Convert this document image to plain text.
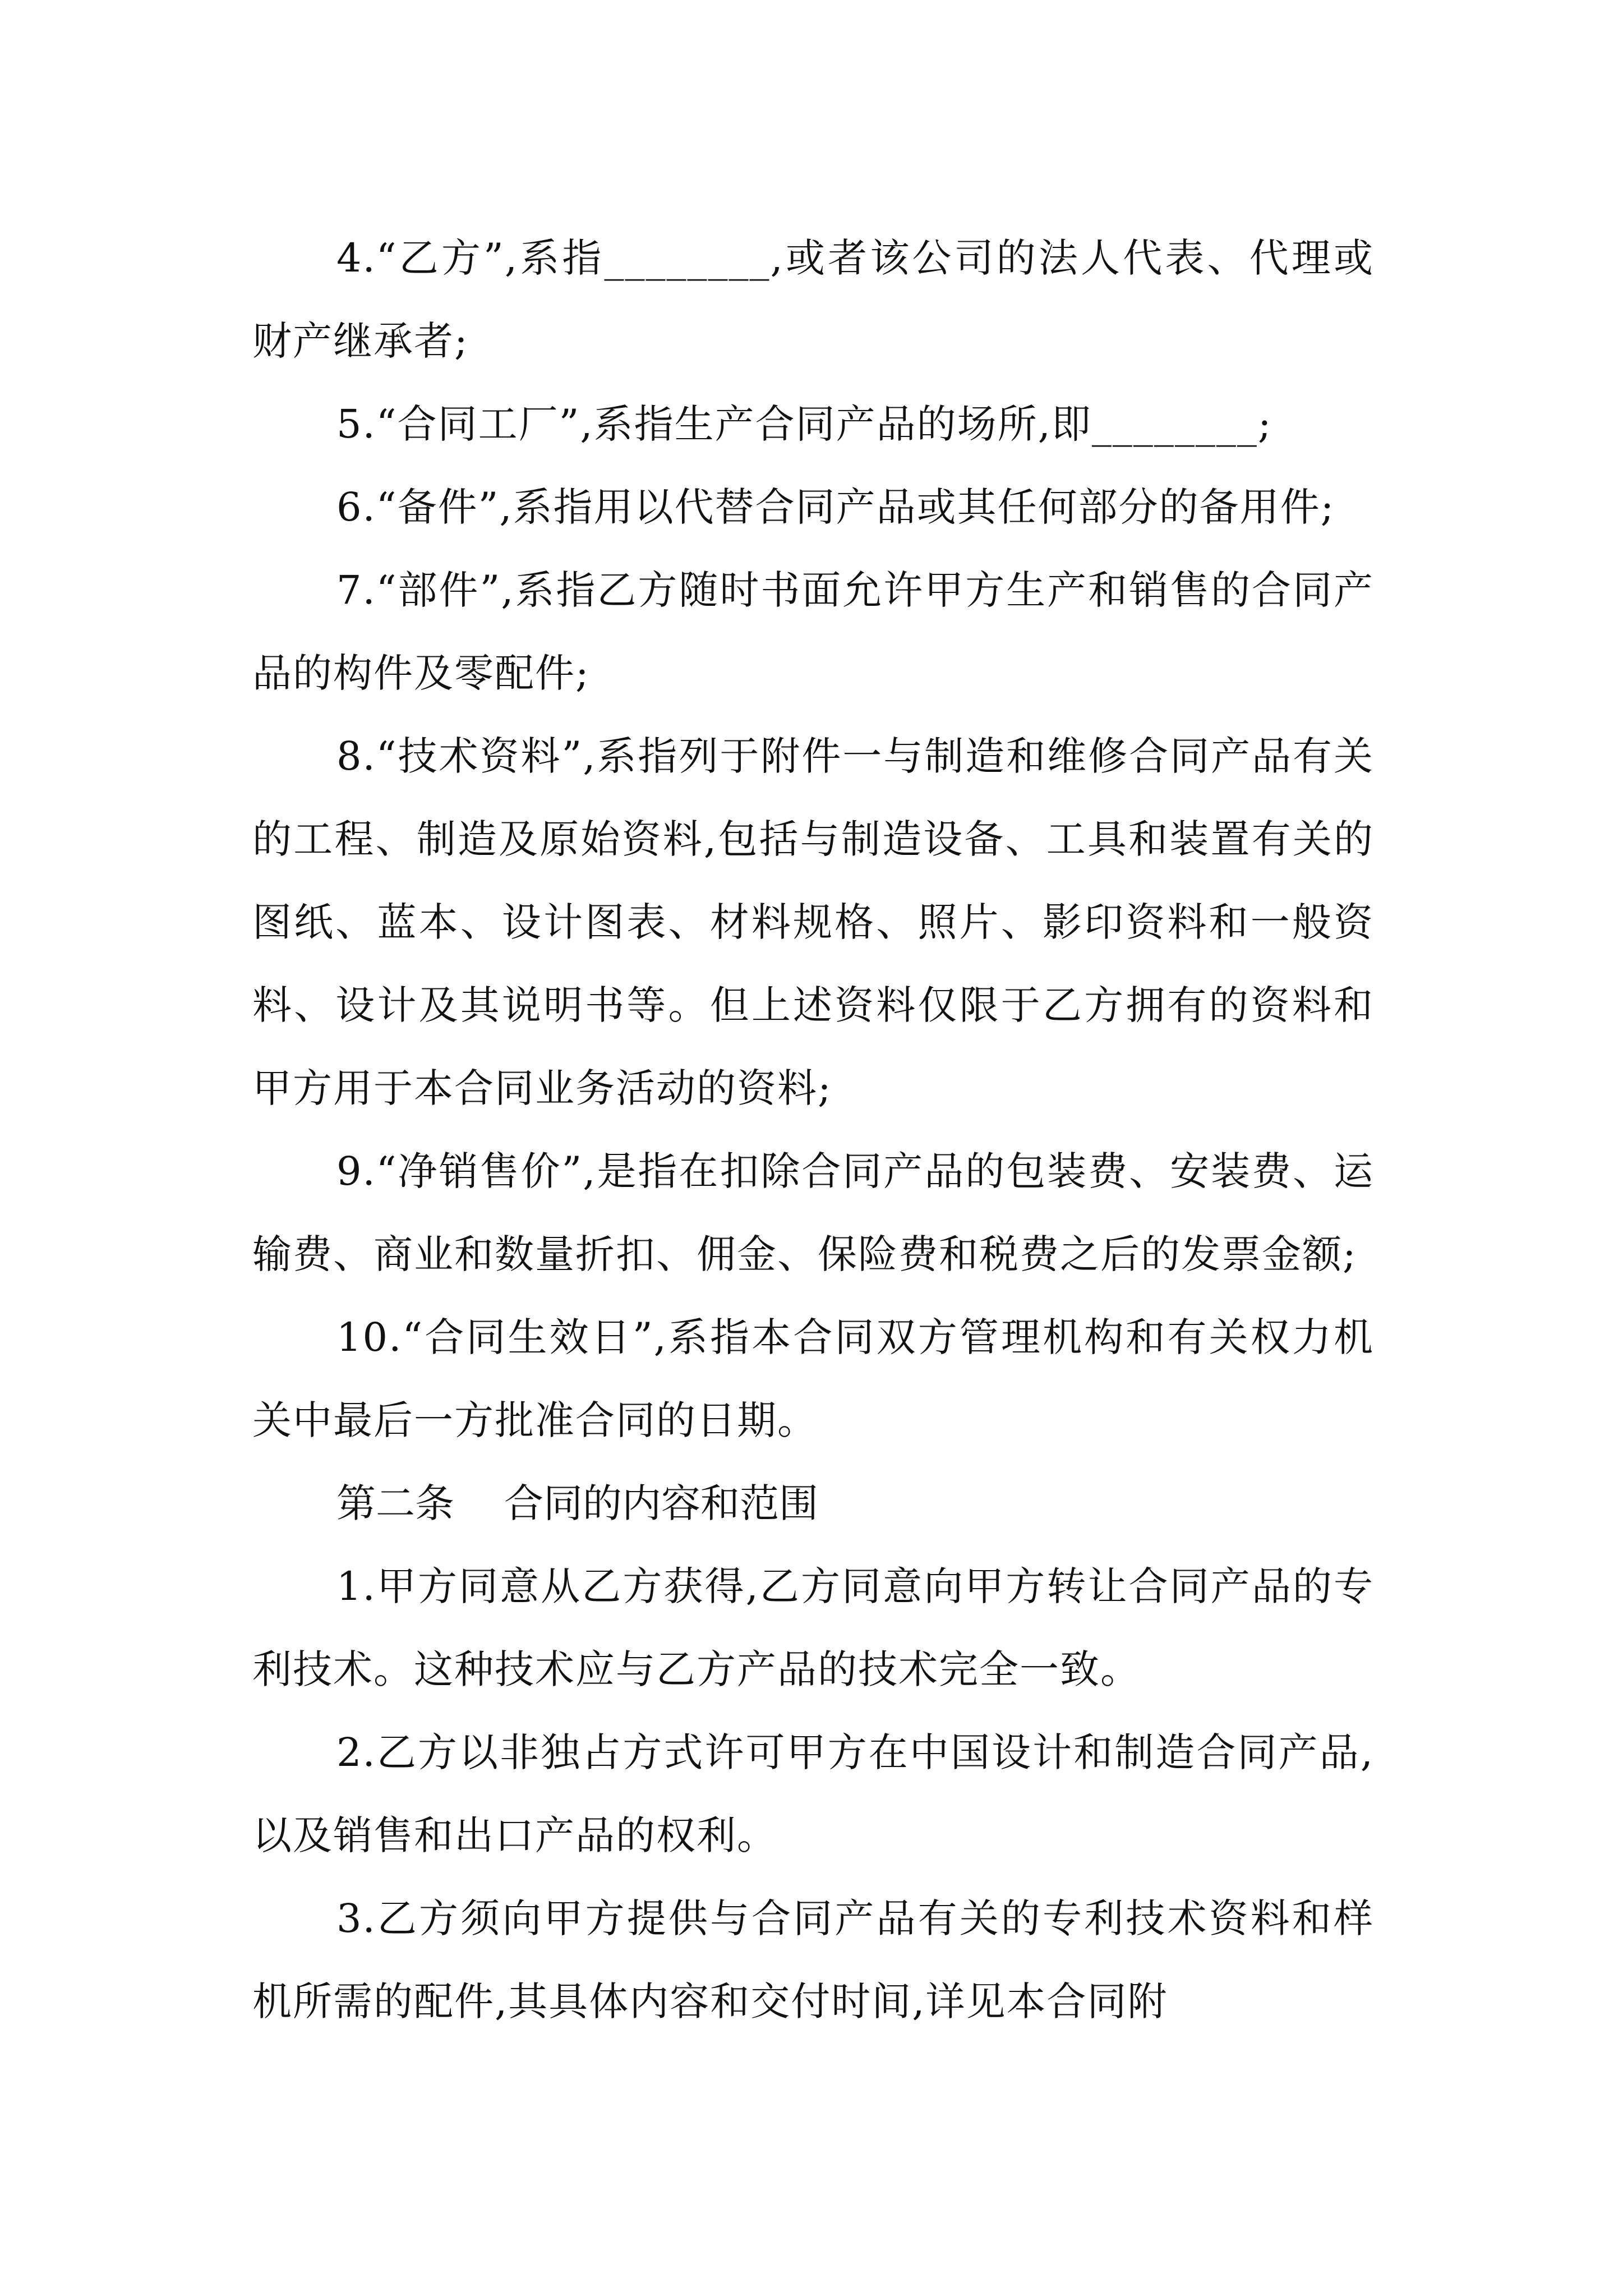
4.“乙方”,系指________,或者该公司的法人代表、代理或财产继承者;

5.“合同工厂”,系指生产合同产品的场所,即________;

6.“备件”,系指用以代替合同产品或其任何部分的备用件;

7.“部件”,系指乙方随时书面允许甲方生产和销售的合同产品的构件及零配件;

8.“技术资料”,系指列于附件一与制造和维修合同产品有关的工程、制造及原始资料,包括与制造设备、工具和装置有关的图纸、蓝本、设计图表、材料规格、照片、影印资料和一般资料、设计及其说明书等。但上述资料仅限于乙方拥有的资料和甲方用于本合同业务活动的资料;

9.“净销售价”,是指在扣除合同产品的包装费、安装费、运输费、商业和数量折扣、佣金、保险费和税费之后的发票金额;

10.“合同生效日”,系指本合同双方管理机构和有关权力机关中最后一方批准合同的日期。

第二条    合同的内容和范围

1.甲方同意从乙方获得,乙方同意向甲方转让合同产品的专利技术。这种技术应与乙方产品的技术完全一致。

2.乙方以非独占方式许可甲方在中国设计和制造合同产品,以及销售和出口产品的权利。

3.乙方须向甲方提供与合同产品有关的专利技术资料和样机所需的配件,其具体内容和交付时间,详见本合同附
